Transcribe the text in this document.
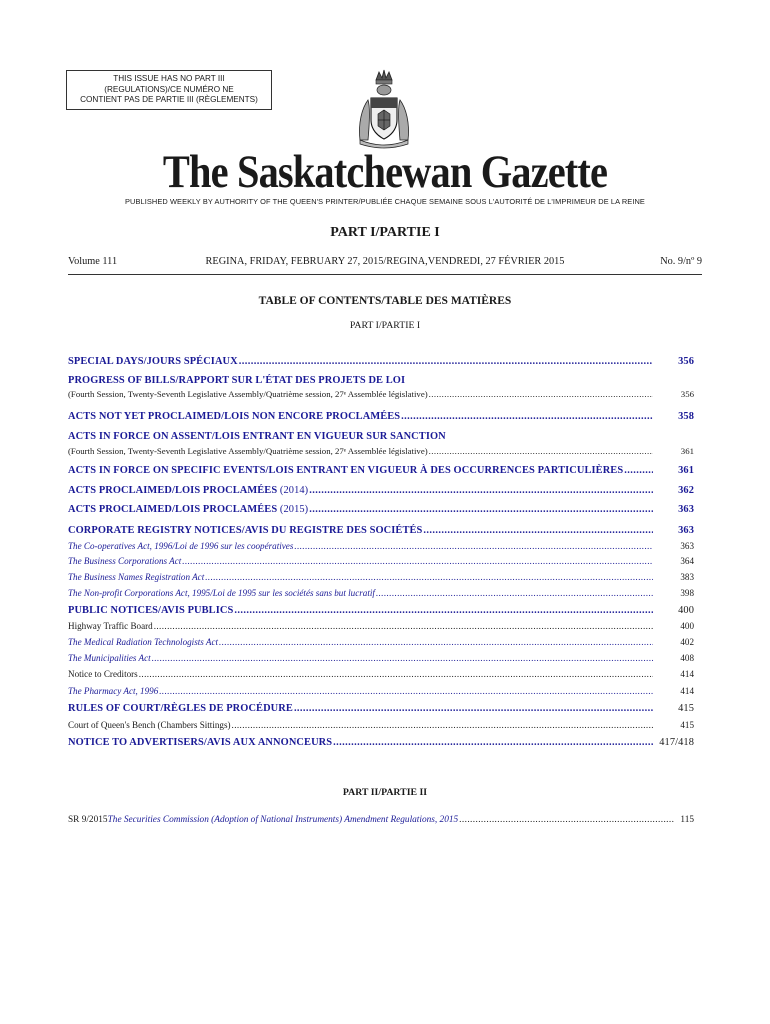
THIS ISSUE HAS NO PART III
(REGULATIONS)/CE NUMÉRO NE
CONTIENT PAS DE PARTIE III (RÈGLEMENTS)
The Saskatchewan Gazette
PUBLISHED WEEKLY BY AUTHORITY OF THE QUEEN'S PRINTER/PUBLIÉE CHAQUE SEMAINE SOUS L'AUTORITÉ DE L'IMPRIMEUR DE LA REINE
PART I/PARTIE I
Volume 111	REGINA, FRIDAY, FEBRUARY 27, 2015/REGINA,VENDREDI, 27 FÉVRIER 2015	No. 9/nº 9
TABLE OF CONTENTS/TABLE DES MATIÈRES
PART I/PARTIE I
SPECIAL DAYS/JOURS SPÉCIAUX .....	356
PROGRESS OF BILLS/RAPPORT SUR L'ÉTAT DES PROJETS DE LOI
(Fourth Session, Twenty-Seventh Legislative Assembly/Quatrième session, 27ᵉ Assemblée législative) .....	356
ACTS NOT YET PROCLAIMED/LOIS NON ENCORE PROCLAMÉES .....	358
ACTS IN FORCE ON ASSENT/LOIS ENTRANT EN VIGUEUR SUR SANCTION
(Fourth Session, Twenty-Seventh Legislative Assembly/Quatrième session, 27ᵉ Assemblée législative) .....	361
ACTS IN FORCE ON SPECIFIC EVENTS/LOIS ENTRANT EN VIGUEUR À DES OCCURRENCES PARTICULIÈRES .....	361
ACTS PROCLAIMED/LOIS PROCLAMÉES (2014) .....	362
ACTS PROCLAIMED/LOIS PROCLAMÉES (2015) .....	363
CORPORATE REGISTRY NOTICES/AVIS DU REGISTRE DES SOCIÉTÉS .....	363
The Co-operatives Act, 1996/Loi de 1996 sur les coopératives .....	363
The Business Corporations Act .....	364
The Business Names Registration Act .....	383
The Non-profit Corporations Act, 1995/Loi de 1995 sur les sociétés sans but lucratif .....	398
PUBLIC NOTICES/AVIS PUBLICS .....	400
Highway Traffic Board .....	400
The Medical Radiation Technologists Act .....	402
The Municipalities Act .....	408
Notice to Creditors .....	414
The Pharmacy Act, 1996 .....	414
RULES OF COURT/RÈGLES DE PROCÉDURE .....	415
Court of Queen's Bench (Chambers Sittings) .....	415
NOTICE TO ADVERTISERS/AVIS AUX ANNONCEURS .....	417/418
PART II/PARTIE II
SR 9/2015 The Securities Commission (Adoption of National Instruments) Amendment Regulations, 2015 .....	115
